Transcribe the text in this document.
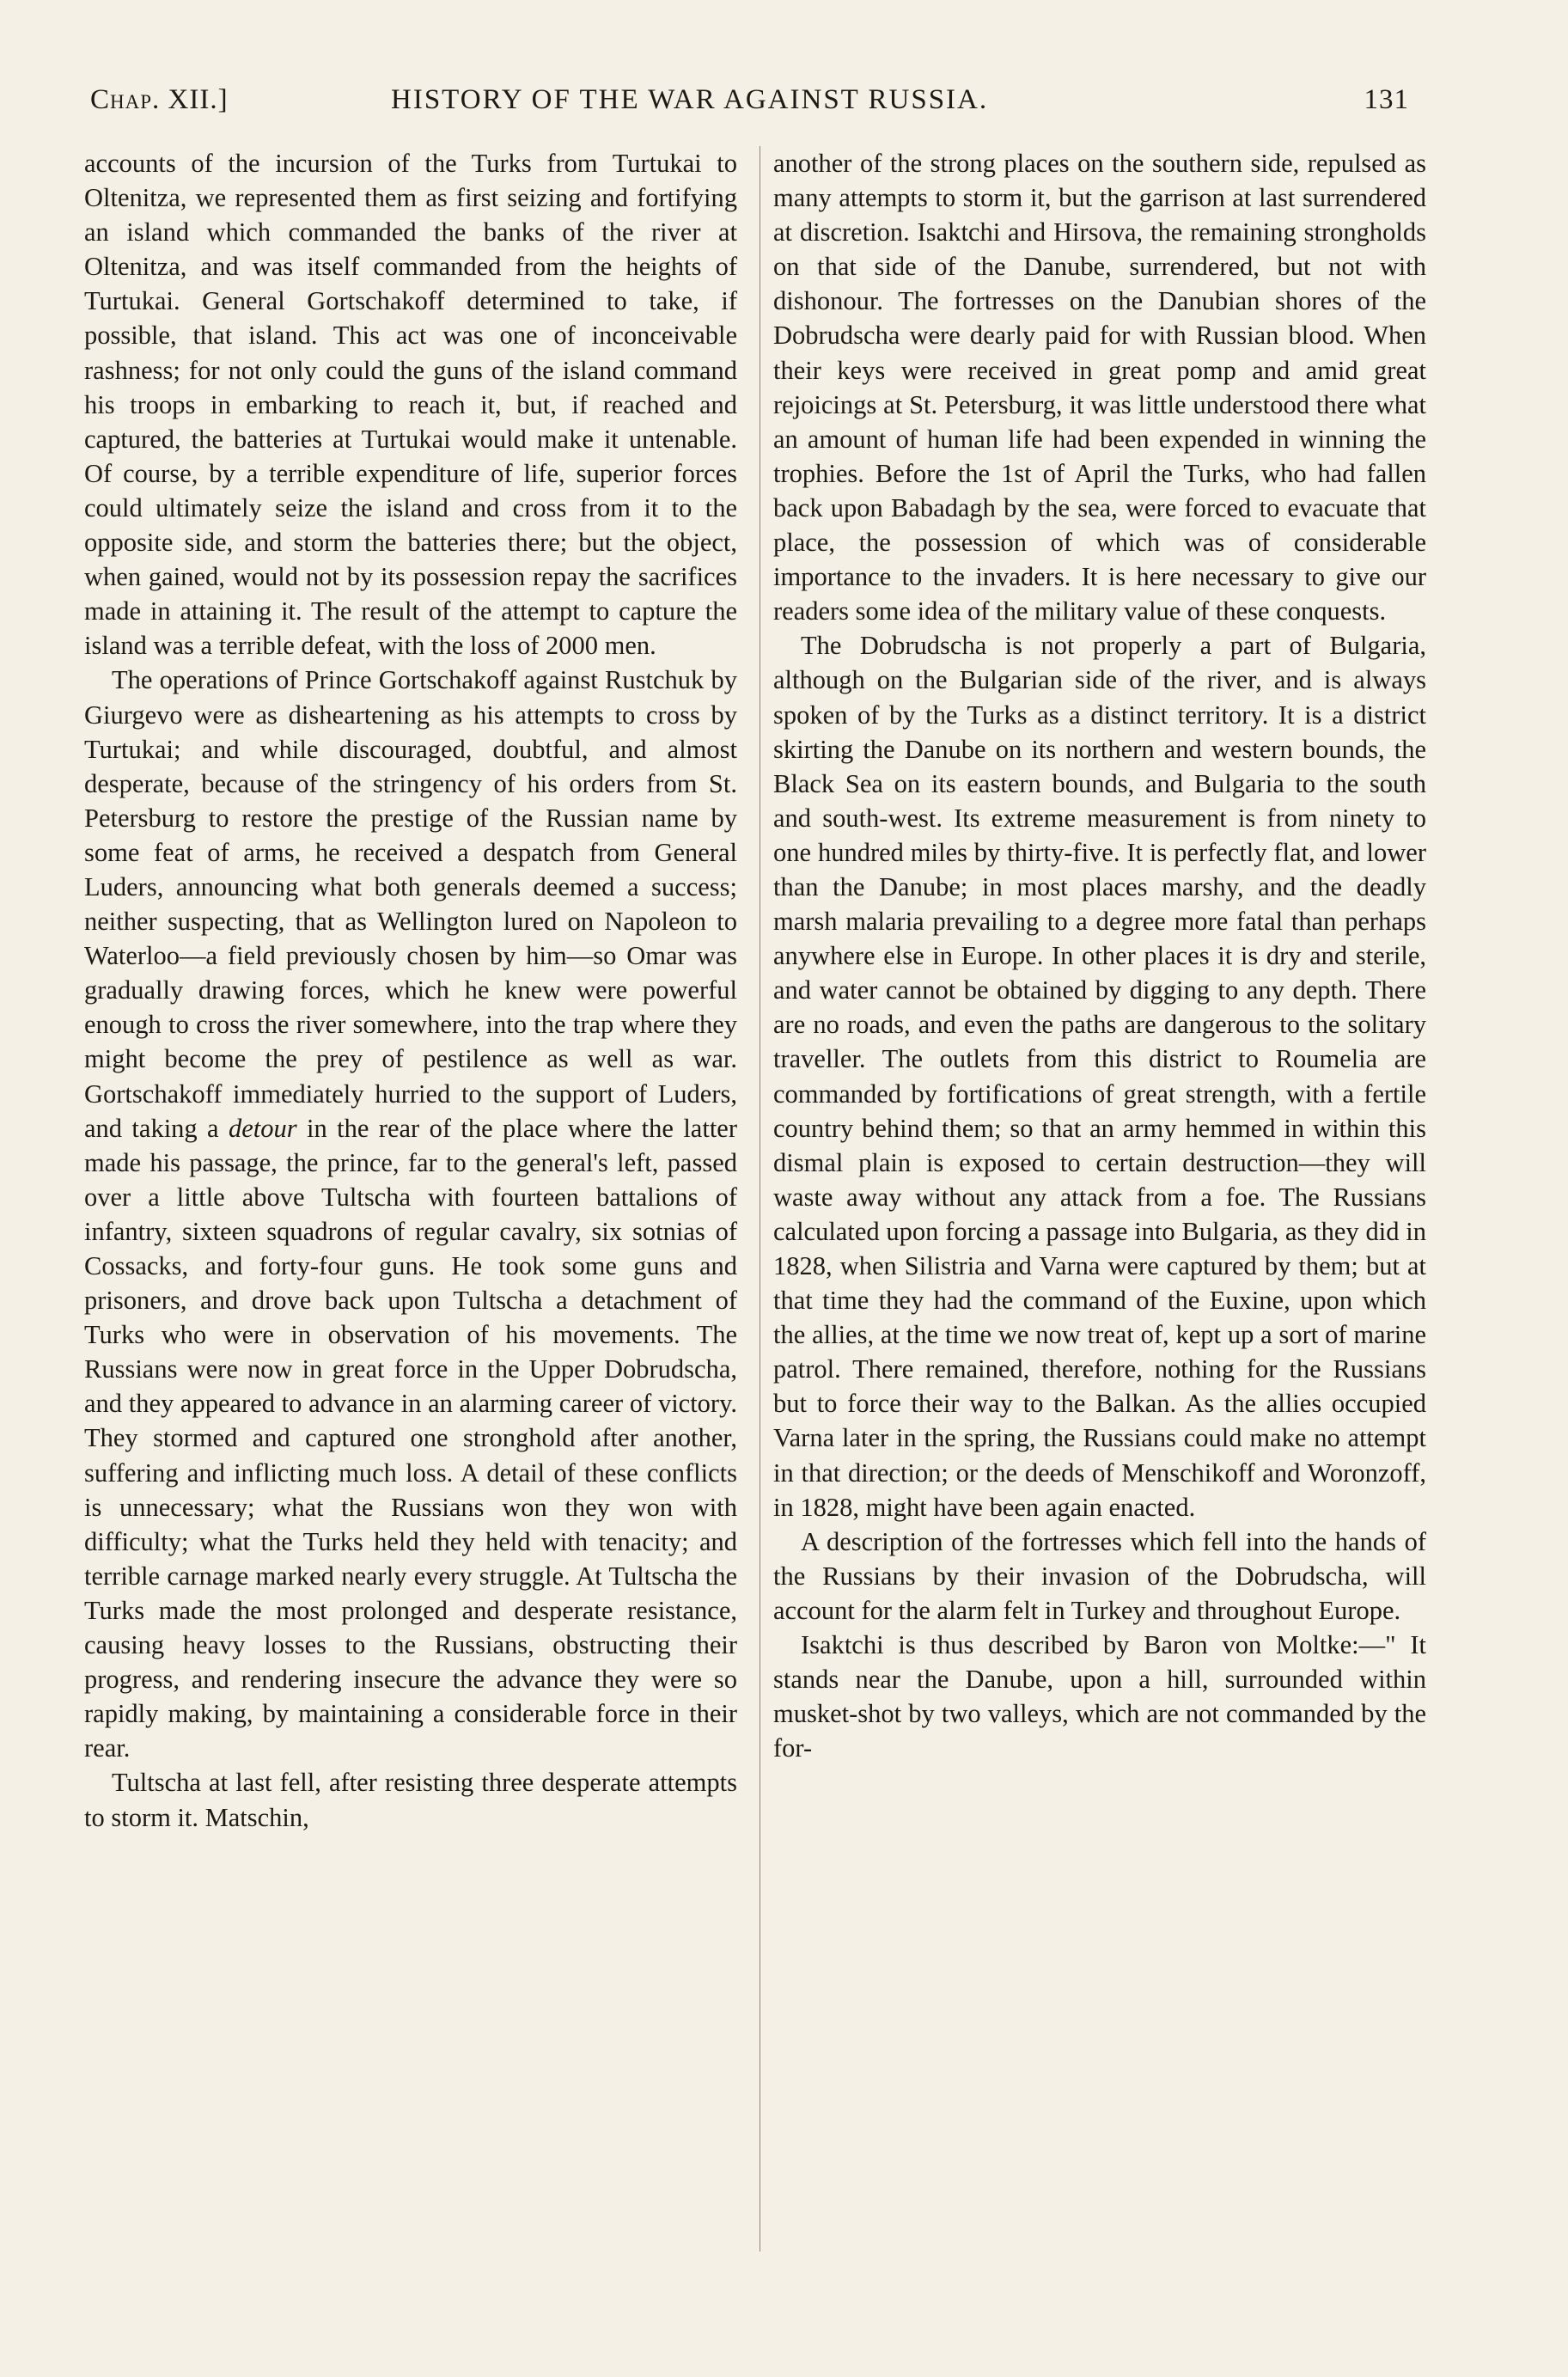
Chap. XII.]	HISTORY OF THE WAR AGAINST RUSSIA.	131

accounts of the incursion of the Turks from Turtukai to Oltenitza, we represented them as first seizing and fortifying an island which commanded the banks of the river at Oltenitza, and was itself commanded from the heights of Turtukai. General Gortschakoff determined to take, if possible, that island. This act was one of inconceivable rashness; for not only could the guns of the island command his troops in embarking to reach it, but, if reached and captured, the batteries at Turtukai would make it untenable. Of course, by a terrible expenditure of life, superior forces could ultimately seize the island and cross from it to the opposite side, and storm the batteries there; but the object, when gained, would not by its possession repay the sacrifices made in attaining it. The result of the attempt to capture the island was a terrible defeat, with the loss of 2000 men.

The operations of Prince Gortschakoff against Rustchuk by Giurgevo were as disheartening as his attempts to cross by Turtukai; and while discouraged, doubtful, and almost desperate, because of the stringency of his orders from St. Petersburg to restore the prestige of the Russian name by some feat of arms, he received a despatch from General Luders, announcing what both generals deemed a success; neither suspecting, that as Wellington lured on Napoleon to Waterloo—a field previously chosen by him—so Omar was gradually drawing forces, which he knew were powerful enough to cross the river somewhere, into the trap where they might become the prey of pestilence as well as war. Gortschakoff immediately hurried to the support of Luders, and taking a detour in the rear of the place where the latter made his passage, the prince, far to the general's left, passed over a little above Tultscha with fourteen battalions of infantry, sixteen squadrons of regular cavalry, six sotnias of Cossacks, and forty-four guns. He took some guns and prisoners, and drove back upon Tultscha a detachment of Turks who were in observation of his movements. The Russians were now in great force in the Upper Dobrudscha, and they appeared to advance in an alarming career of victory. They stormed and captured one stronghold after another, suffering and inflicting much loss. A detail of these conflicts is unnecessary; what the Russians won they won with difficulty; what the Turks held they held with tenacity; and terrible carnage marked nearly every struggle. At Tultscha the Turks made the most prolonged and desperate resistance, causing heavy losses to the Russians, obstructing their progress, and rendering insecure the advance they were so rapidly making, by maintaining a considerable force in their rear.

Tultscha at last fell, after resisting three desperate attempts to storm it. Matschin,

another of the strong places on the southern side, repulsed as many attempts to storm it, but the garrison at last surrendered at discretion. Isaktchi and Hirsova, the remaining strongholds on that side of the Danube, surrendered, but not with dishonour. The fortresses on the Danubian shores of the Dobrudscha were dearly paid for with Russian blood. When their keys were received in great pomp and amid great rejoicings at St. Petersburg, it was little understood there what an amount of human life had been expended in winning the trophies. Before the 1st of April the Turks, who had fallen back upon Babadagh by the sea, were forced to evacuate that place, the possession of which was of considerable importance to the invaders. It is here necessary to give our readers some idea of the military value of these conquests.

The Dobrudscha is not properly a part of Bulgaria, although on the Bulgarian side of the river, and is always spoken of by the Turks as a distinct territory. It is a district skirting the Danube on its northern and western bounds, the Black Sea on its eastern bounds, and Bulgaria to the south and south-west. Its extreme measurement is from ninety to one hundred miles by thirty-five. It is perfectly flat, and lower than the Danube; in most places marshy, and the deadly marsh malaria prevailing to a degree more fatal than perhaps anywhere else in Europe. In other places it is dry and sterile, and water cannot be obtained by digging to any depth. There are no roads, and even the paths are dangerous to the solitary traveller. The outlets from this district to Roumelia are commanded by fortifications of great strength, with a fertile country behind them; so that an army hemmed in within this dismal plain is exposed to certain destruction—they will waste away without any attack from a foe. The Russians calculated upon forcing a passage into Bulgaria, as they did in 1828, when Silistria and Varna were captured by them; but at that time they had the command of the Euxine, upon which the allies, at the time we now treat of, kept up a sort of marine patrol. There remained, therefore, nothing for the Russians but to force their way to the Balkan. As the allies occupied Varna later in the spring, the Russians could make no attempt in that direction; or the deeds of Menschikoff and Woronzoff, in 1828, might have been again enacted.

A description of the fortresses which fell into the hands of the Russians by their invasion of the Dobrudscha, will account for the alarm felt in Turkey and throughout Europe.

Isaktchi is thus described by Baron von Moltke:—" It stands near the Danube, upon a hill, surrounded within musket-shot by two valleys, which are not commanded by the for-
